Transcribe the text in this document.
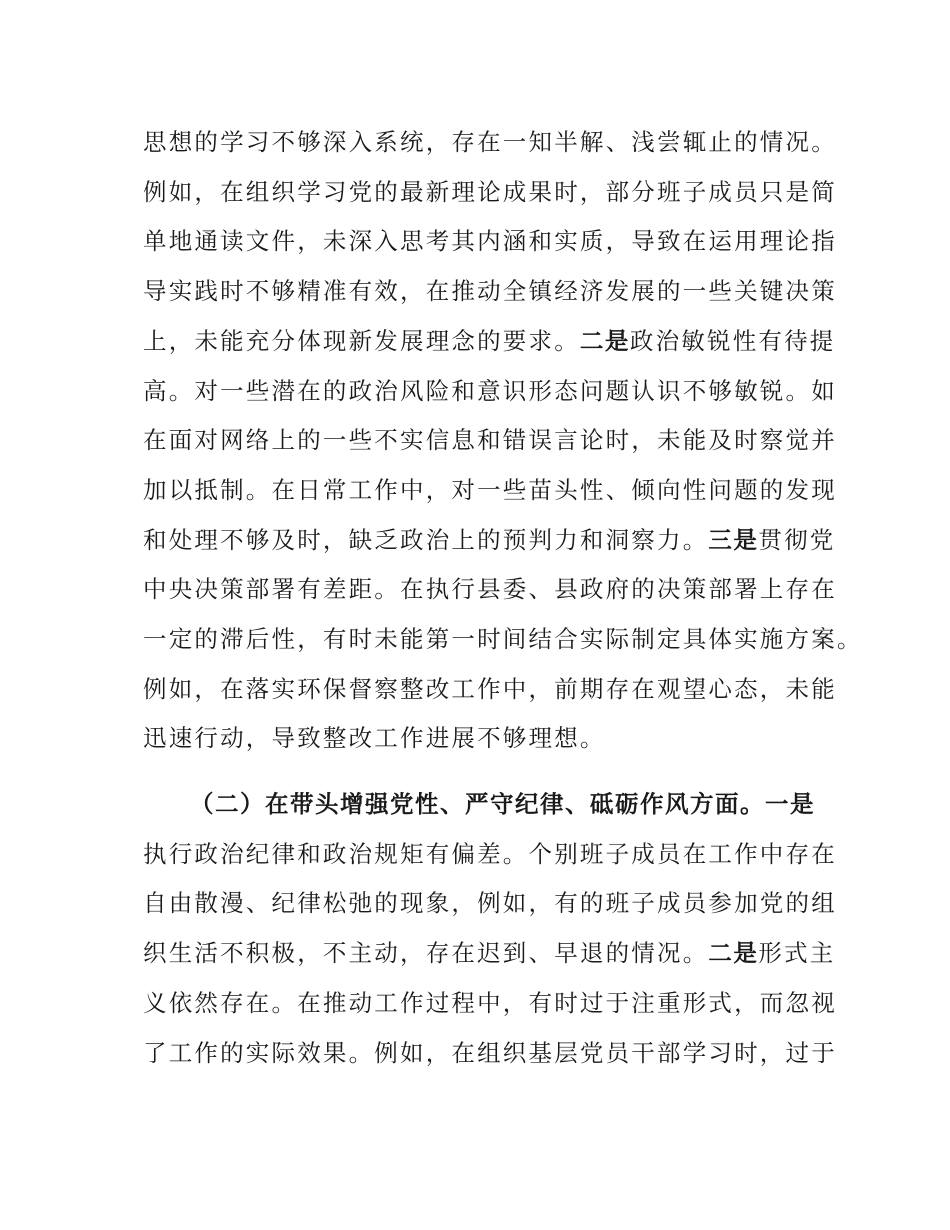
思想的学习不够深入系统，存在一知半解、浅尝辄止的情况。
例如，在组织学习党的最新理论成果时，部分班子成员只是简
单地通读文件，未深入思考其内涵和实质，导致在运用理论指
导实践时不够精准有效，在推动全镇经济发展的一些关键决策
上，未能充分体现新发展理念的要求。二是政治敏锐性有待提
高。对一些潜在的政治风险和意识形态问题认识不够敏锐。如
在面对网络上的一些不实信息和错误言论时，未能及时察觉并
加以抵制。在日常工作中，对一些苗头性、倾向性问题的发现
和处理不够及时，缺乏政治上的预判力和洞察力。三是贯彻党
中央决策部署有差距。在执行县委、县政府的决策部署上存在
一定的滞后性，有时未能第一时间结合实际制定具体实施方案。
例如，在落实环保督察整改工作中，前期存在观望心态，未能
迅速行动，导致整改工作进展不够理想。
（二）在带头增强党性、严守纪律、砥砺作风方面。一是
执行政治纪律和政治规矩有偏差。个别班子成员在工作中存在
自由散漫、纪律松弛的现象，例如，有的班子成员参加党的组
织生活不积极，不主动，存在迟到、早退的情况。二是形式主
义依然存在。在推动工作过程中，有时过于注重形式，而忽视
了工作的实际效果。例如，在组织基层党员干部学习时，过于
